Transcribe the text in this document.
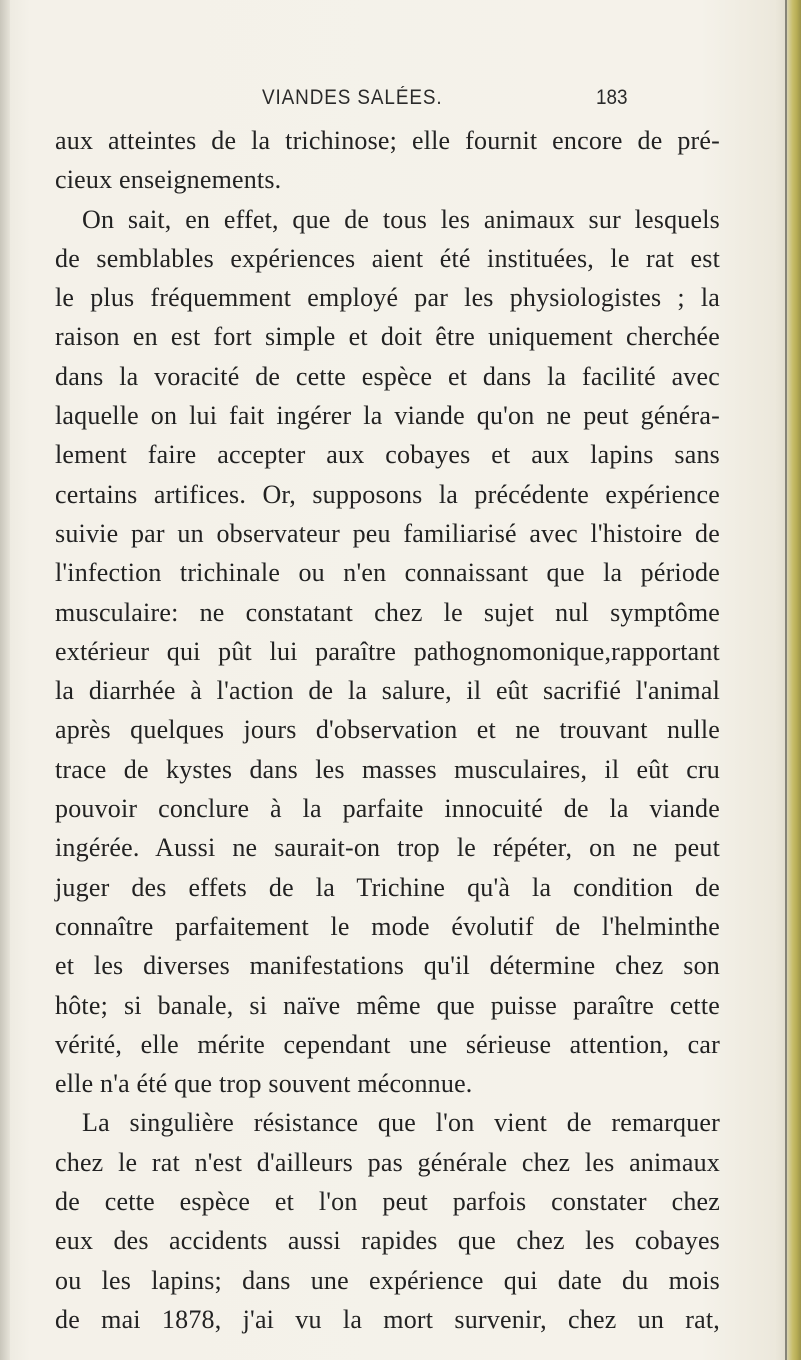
VIANDES SALÉES.	183
aux atteintes de la trichinose; elle fournit encore de pré-
cieux enseignements.
On sait, en effet, que de tous les animaux sur lesquels
de semblables expériences aient été instituées, le rat est
le plus fréquemment employé par les physiologistes ; la
raison en est fort simple et doit être uniquement cherchée
dans la voracité de cette espèce et dans la facilité avec
laquelle on lui fait ingérer la viande qu'on ne peut généra-
lement faire accepter aux cobayes et aux lapins sans
certains artifices. Or, supposons la précédente expérience
suivie par un observateur peu familiarisé avec l'histoire de
l'infection trichinale ou n'en connaissant que la période
musculaire: ne constatant chez le sujet nul symptôme
extérieur qui pût lui paraître pathognomonique,rapportant
la diarrhée à l'action de la salure, il eût sacrifié l'animal
après quelques jours d'observation et ne trouvant nulle
trace de kystes dans les masses musculaires, il eût cru
pouvoir conclure à la parfaite innocuité de la viande
ingérée. Aussi ne saurait-on trop le répéter, on ne peut
juger des effets de la Trichine qu'à la condition de
connaître parfaitement le mode évolutif de l'helminthe
et les diverses manifestations qu'il détermine chez son
hôte; si banale, si naïve même que puisse paraître cette
vérité, elle mérite cependant une sérieuse attention, car
elle n'a été que trop souvent méconnue.
La singulière résistance que l'on vient de remarquer
chez le rat n'est d'ailleurs pas générale chez les animaux
de cette espèce et l'on peut parfois constater chez
eux des accidents aussi rapides que chez les cobayes
ou les lapins; dans une expérience qui date du mois
de mai 1878, j'ai vu la mort survenir, chez un rat,
